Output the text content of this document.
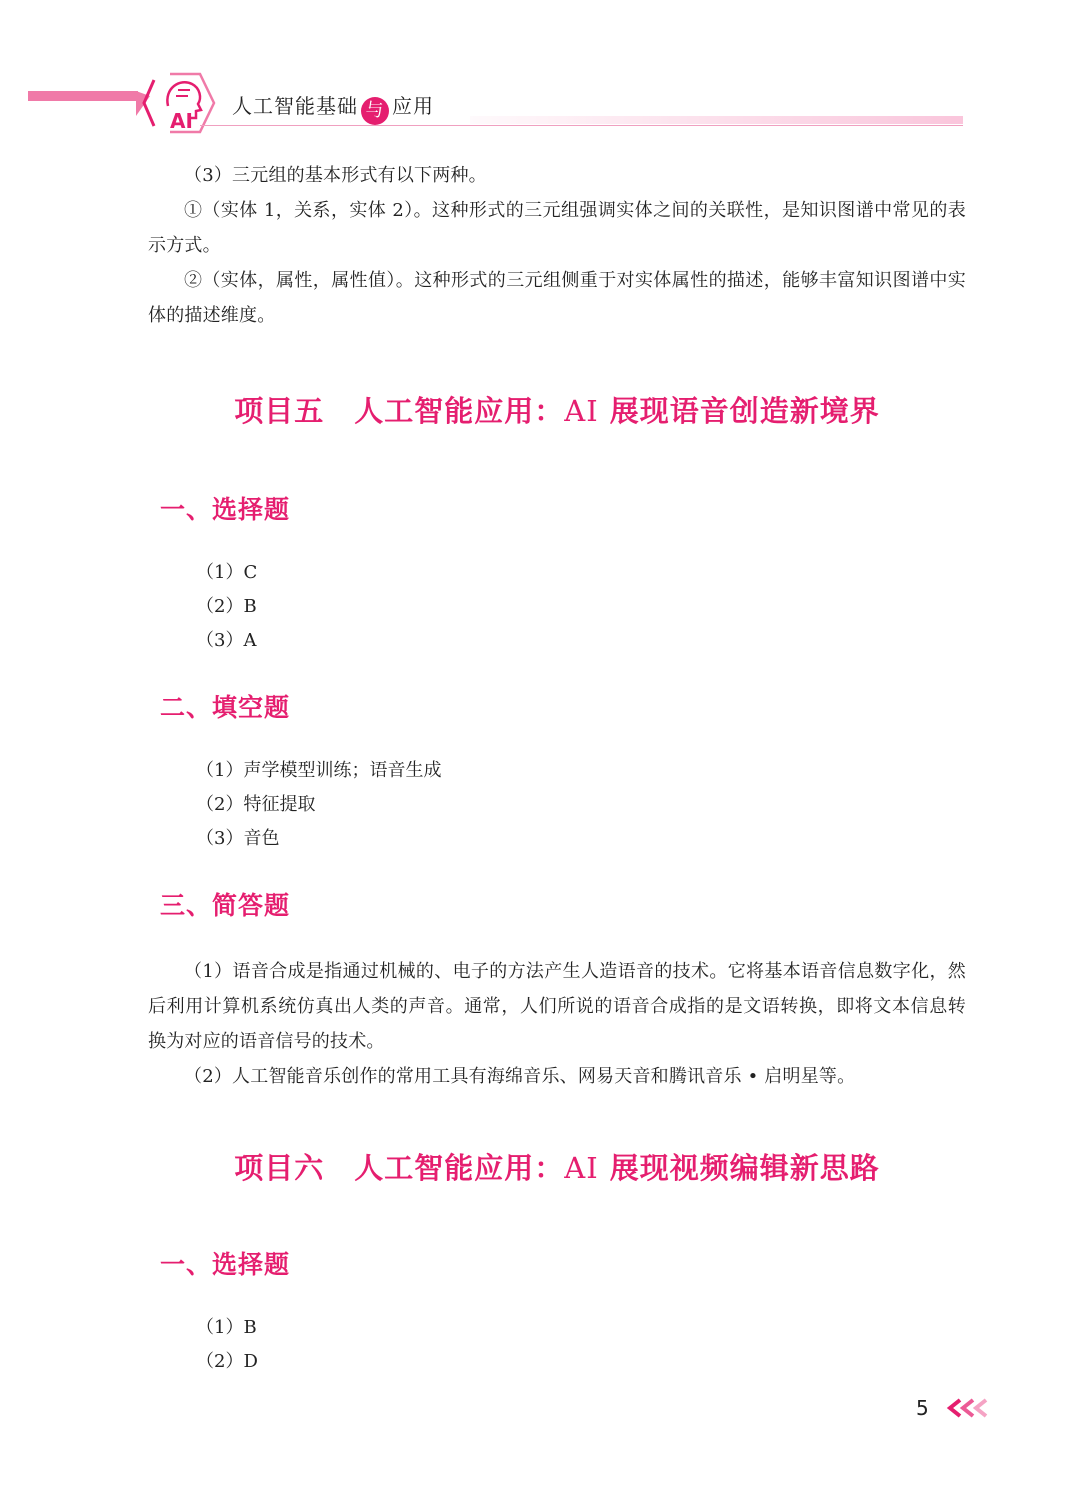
AI
人工智能基础 与 应用

（3）三元组的基本形式有以下两种。

①（实体 1，关系，实体 2）。这种形式的三元组强调实体之间的关联性，是知识图谱中常见的表示方式。

②（实体，属性，属性值）。这种形式的三元组侧重于对实体属性的描述，能够丰富知识图谱中实体的描述维度。

项目五 人工智能应用：AI 展现语音创造新境界
一、选择题

（1）C

（2）B

（3）A

二、填空题

（1）声学模型训练；语音生成

（2）特征提取

（3）音色

三、简答题

（1）语音合成是指通过机械的、电子的方法产生人造语音的技术。它将基本语音信息数字化，然后利用计算机系统仿真出人类的声音。通常，人们所说的语音合成指的是文语转换，即将文本信息转换为对应的语音信号的技术。

（2）人工智能音乐创作的常用工具有海绵音乐、网易天音和腾讯音乐 • 启明星等。

项目六 人工智能应用：AI 展现视频编辑新思路
一、选择题

（1）B

（2）D

5
